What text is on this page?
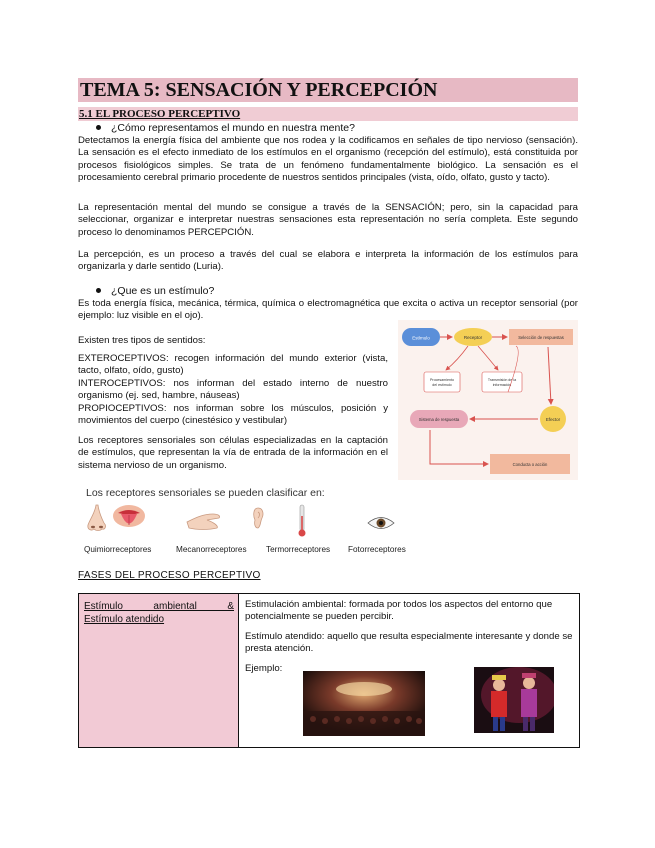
TEMA 5: SENSACIÓN Y PERCEPCIÓN
5.1 EL PROCESO PERCEPTIVO
¿Cómo representamos el mundo en nuestra mente?

Detectamos la energía física del ambiente que nos rodea y la codificamos en señales de tipo nervioso (sensación). La sensación es el efecto inmediato de los estímulos en el organismo (recepción del estímulo), está constituida por procesos fisiológicos simples. Se trata de un fenómeno fundamentalmente biológico. La sensación es el procesamiento cerebral primario procedente de nuestros sentidos principales (vista, oído, olfato, gusto y tacto).

La representación mental del mundo se consigue a través de la SENSACIÓN; pero, sin la capacidad para seleccionar, organizar e interpretar nuestras sensaciones esta representación no sería completa. Este segundo proceso lo denominamos PERCEPCIÓN.

La percepción, es un proceso a través del cual se elabora e interpreta la información de los estímulos para organizarla y darle sentido (Luria).

¿Que es un estímulo?

Es toda energía física, mecánica, térmica, química o electromagnética que excita o activa un receptor sensorial (por ejemplo: luz visible en el ojo).

Existen tres tipos de sentidos:

EXTEROCEPTIVOS: recogen información del mundo exterior (vista, tacto, olfato, oído, gusto)

INTEROCEPTIVOS: nos informan del estado interno de nuestro organismo (ej. sed, hambre, náuseas)

PROPIOCEPTIVOS: nos informan sobre los músculos, posición y movimientos del cuerpo (cinestésico y vestibular)

Los receptores sensoriales son células especializadas en la captación de estímulos, que representan la vía de entrada de la información en el sistema nervioso de un organismo.

Estímulo	Receptor	Selección de respuestas
Procesamiento
del estímulo
Transmisión de la
información
Sistema de respuesta	Efector
Conducta o acción
Los receptores sensoriales se pueden clasificar en:
Quimiorreceptores	Mecanorreceptores Termorreceptores Fotorreceptores
FASES DEL PROCESO PERCEPTIVO
Estímulo ambiental &
Estímulo atendido

Estimulación ambiental: formada por todos los aspectos del entorno que potencialmente se pueden percibir.

Estímulo atendido: aquello que resulta especialmente interesante y donde se presta atención.

Ejemplo:
